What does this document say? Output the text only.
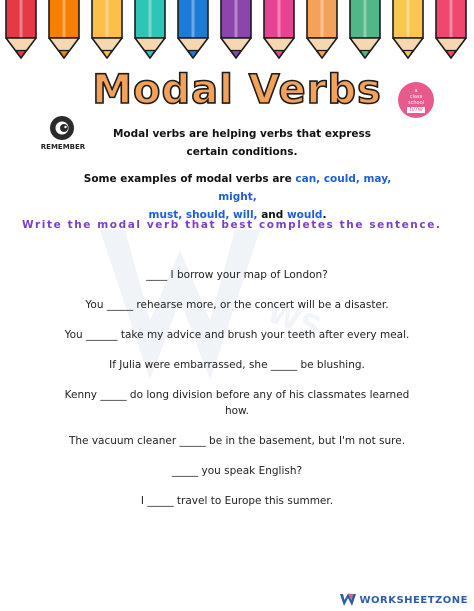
Modal Verbs	a
class
school
time
REMEMBER
Modal verbs are helping verbs that express certain conditions.
Some examples of modal verbs are can, could, may, might,
must, should, will, and would.
Write the modal verb that best completes the sentence.
WS
____ I borrow your map of London?
You _____ rehearse more, or the concert will be a disaster.
You ______ take my advice and brush your teeth after every meal.
If Julia were embarrassed, she _____ be blushing.
Kenny _____ do long division before any of his classmates learned how.
The vacuum cleaner _____ be in the basement, but I'm not sure.
_____ you speak English?
I _____ travel to Europe this summer.
WORKSHEETZONE
